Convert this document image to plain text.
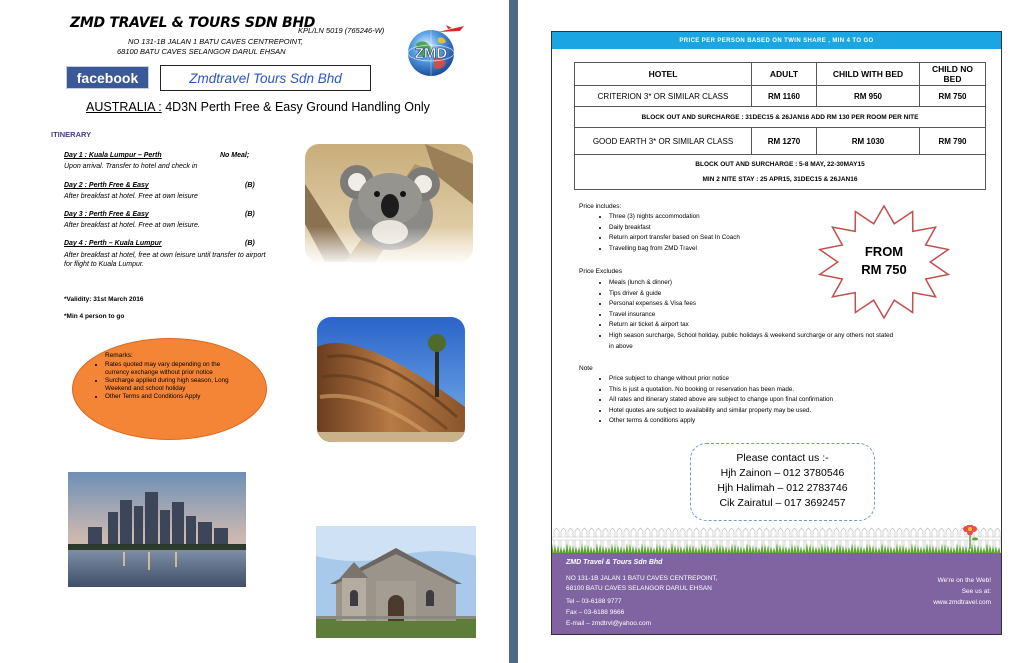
ZMD TRAVEL & TOURS SDN BHD
KPL/LN 5019 (765246-W)
NO 131-1B JALAN 1 BATU CAVES CENTREPOINT,
68100 BATU CAVES SELANGOR DARUL EHSAN
facebook	Zmdtravel Tours Sdn Bhd
ZMD
AUSTRALIA : 4D3N Perth Free & Easy Ground Handling Only
ITINERARY
Day 1 : Kuala Lumpur – Perth	No Meal;
Upon arrival. Transfer to hotel and check in
Day 2 : Perth Free & Easy	(B)
After breakfast at hotel. Free at own leisure
Day 3 : Perth Free & Easy	(B)
After breakfast at hotel. Free at own leisure.
Day 4 : Perth – Kuala Lumpur	(B)
After breakfast at hotel, free at own leisure until transfer to airport for flight to Kuala Lumpur.
*Validity: 31st March 2016
*Min 4 person to go
Remarks:
• Rates quoted may vary depending on the currency exchange without prior notice
• Surcharge applied during high season, Long Weekend and school holiday
• Other Terms and Conditions Apply
PRICE PER PERSON BASED ON TWIN SHARE , MIN 4 TO GO
HOTEL	ADULT	CHILD WITH BED	CHILD NO BED
CRITERION 3* OR SIMILAR CLASS	RM 1160	RM 950	RM 750
BLOCK OUT AND SURCHARGE : 31DEC15 & 26JAN16 ADD RM 130 PER ROOM PER NITE			
GOOD EARTH 3* OR SIMILAR CLASS	RM 1270	RM 1030	RM 790

BLOCK OUT AND SURCHARGE : 5-8 MAY, 22-30MAY15
MIN 2 NITE STAY : 25 APR15, 31DEC15 & 26JAN16			
Price includes:
• Three (3) nights accommodation
• Daily breakfast
• Return airport transfer based on Seat In Coach
• Travelling bag from ZMD Travel
Price Excludes
• Meals (lunch & dinner)
• Tips driver & guide
• Personal expenses & Visa fees
• Travel insurance
• Return air ticket & airport tax
• High season surcharge, School holiday, public holidays & weekend surcharge or any others not stated in above
Note
• Price subject to change without prior notice
• This is just a quotation. No booking or reservation has been made.
• All rates and itinerary stated above are subject to change upon final confirmation
• Hotel quotes are subject to availability and similar property may be used.
• Other terms & conditions apply
FROM
RM 750
Please contact us :-
Hjh Zainon – 012 3780546
Hjh Halimah – 012 2783746
Cik Zairatul – 017 3692457
ZMD Travel & Tours Sdn Bhd
NO 131-1B JALAN 1 BATU CAVES CENTREPOINT,
68100 BATU CAVES SELANGOR DARUL EHSAN
Tel – 03-6188 9777
Fax – 03-6188 9666
E-mail – zmdtrvl@yahoo.com
We're on the Web!
See us at:
www.zmdtravel.com
